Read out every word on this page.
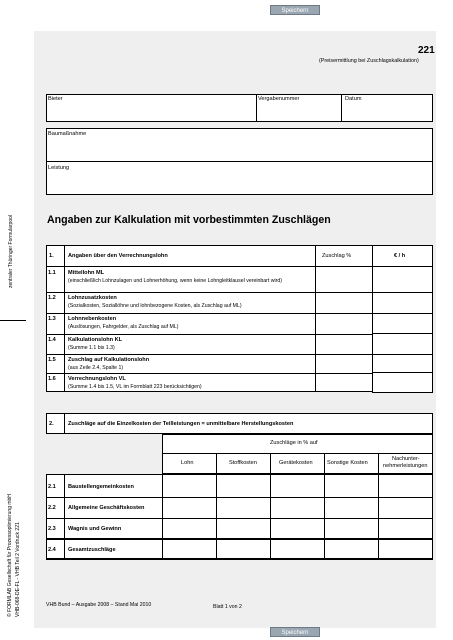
Speichern
Speichern
221
(Preisermittlung bei Zuschlagskalkulation)
Bieter	Vergabenummer	Datum
Baumaßnahme
Leistung
Angaben zur Kalkulation mit vorbestimmten Zuschlägen
1.	Angaben über den Verrechnungslohn	Zuschlag %	€ / h
1.1 Mittellohn ML
(einschließlich Lohnzulagen und Lohnerhöhung, wenn keine Lohngleitklausel vereinbart wird)
1.2 Lohnzusatzkosten
(Sozialkosten, Soziallöhne und lohnbezogene Kosten, als Zuschlag auf ML)
1.3 Lohnnebenkosten
(Auslösungen, Fahrgelder, als Zuschlag auf ML)
1.4 Kalkulationslohn KL
(Summe 1.1 bis 1.3)
1.5 Zuschlag auf Kalkulationslohn
(aus Zeile 2.4, Spalte 1)
1.6 Verrechnungslohn VL
(Summe 1.4 bis 1.5, VL im Formblatt 223 berücksichtigen)
2.	Zuschläge auf die Einzelkosten der Teilleistungen = unmittelbare Herstellungskosten
Zuschläge in % auf
Lohn	Stoffkosten	Gerätekosten	Sonstige Kosten
Nachunter-
nehmerleistungen
2.1 Baustellengemeinkosten
2.2 Allgemeine Geschäftskosten
2.3 Wagnis und Gewinn
2.4 Gesamtzuschläge
zentraler Thüringer Formularpool
© FORMLAB Gesellschaft für Prozessoptimierung mbH VHB-068-DE-FL - VHB Teil 2 Vordruck 221	VHB Bund – Ausgabe 2008 – Stand Mai 2010	Blatt 1 von 2
